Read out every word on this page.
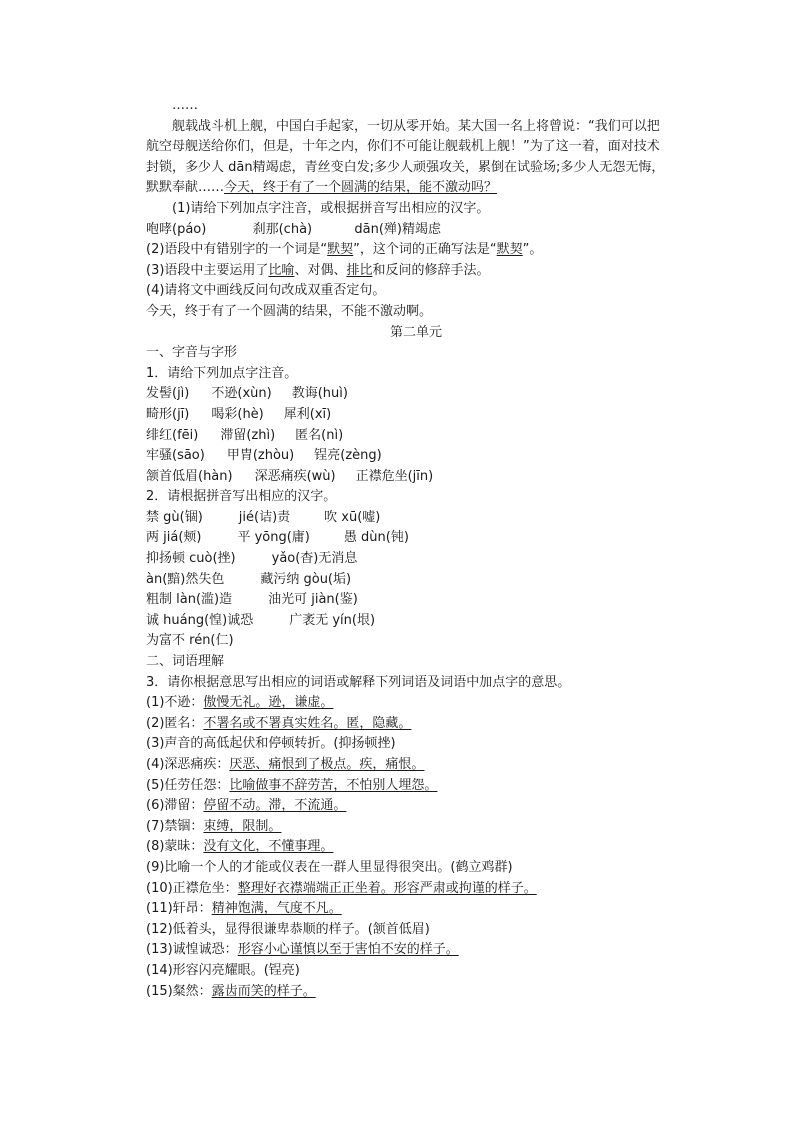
……
舰载战斗机上舰，中国白手起家，一切从零开始。某大国一名上将曾说：“我们可以把
航空母舰送给你们，但是，十年之内，你们不可能让舰载机上舰！”为了这一着，面对技术
封锁，多少人 dān精竭虑，青丝变白发;多少人顽强攻关，累倒在试验场;多少人无怨无悔，
默默奉献……今天，终于有了一个圆满的结果，能不激动吗？
(1)请给下列加点字注音，或根据拼音写出相应的汉字。
咆哮(páo)	刹那(chà)	dān(殚)精竭虑
(2)语段中有错别字的一个词是“默契”，这个词的正确写法是“默契”。
(3)语段中主要运用了比喻、对偶、排比和反问的修辞手法。
(4)请将文中画线反问句改成双重否定句。
今天，终于有了一个圆满的结果，不能不激动啊。
第二单元
一、字音与字形
1．请给下列加点字注音。
发髻(jì) 不逊(xùn) 教诲(huì)
畸形(jī) 喝彩(hè) 犀利(xī)
绯红(fēi) 滞留(zhì) 匿名(nì)
牢骚(sāo) 甲胄(zhòu) 锃亮(zèng)
颔首低眉(hàn) 深恶痛疾(wù) 正襟危坐(jīn)
2．请根据拼音写出相应的汉字。
禁 gù(锢)	jié(诘)责	吹 xū(嘘)
两 jiá(颊)	平 yōng(庸)	愚 dùn(钝)
抑扬顿 cuò(挫)	yǎo(杳)无消息
àn(黯)然失色	藏污纳 gòu(垢)
粗制 làn(滥)造	油光可 jiàn(鉴)
诚 huáng(惶)诚恐	广袤无 yín(垠)
为富不 rén(仁)
二、词语理解
3．请你根据意思写出相应的词语或解释下列词语及词语中加点字的意思。
(1)不逊：傲慢无礼。逊，谦虚。
(2)匿名：不署名或不署真实姓名。匿，隐藏。
(3)声音的高低起伏和停顿转折。(抑扬顿挫)
(4)深恶痛疾：厌恶、痛恨到了极点。疾，痛恨。
(5)任劳任怨：比喻做事不辞劳苦，不怕别人埋怨。
(6)滞留：停留不动。滞，不流通。
(7)禁锢：束缚，限制。
(8)蒙昧：没有文化，不懂事理。
(9)比喻一个人的才能或仪表在一群人里显得很突出。(鹤立鸡群)
(10)正襟危坐：整理好衣襟端端正正坐着。形容严肃或拘谨的样子。
(11)轩昂：精神饱满，气度不凡。
(12)低着头，显得很谦卑恭顺的样子。(颔首低眉)
(13)诚惶诚恐：形容小心谨慎以至于害怕不安的样子。
(14)形容闪亮耀眼。(锃亮)
(15)粲然：露齿而笑的样子。
